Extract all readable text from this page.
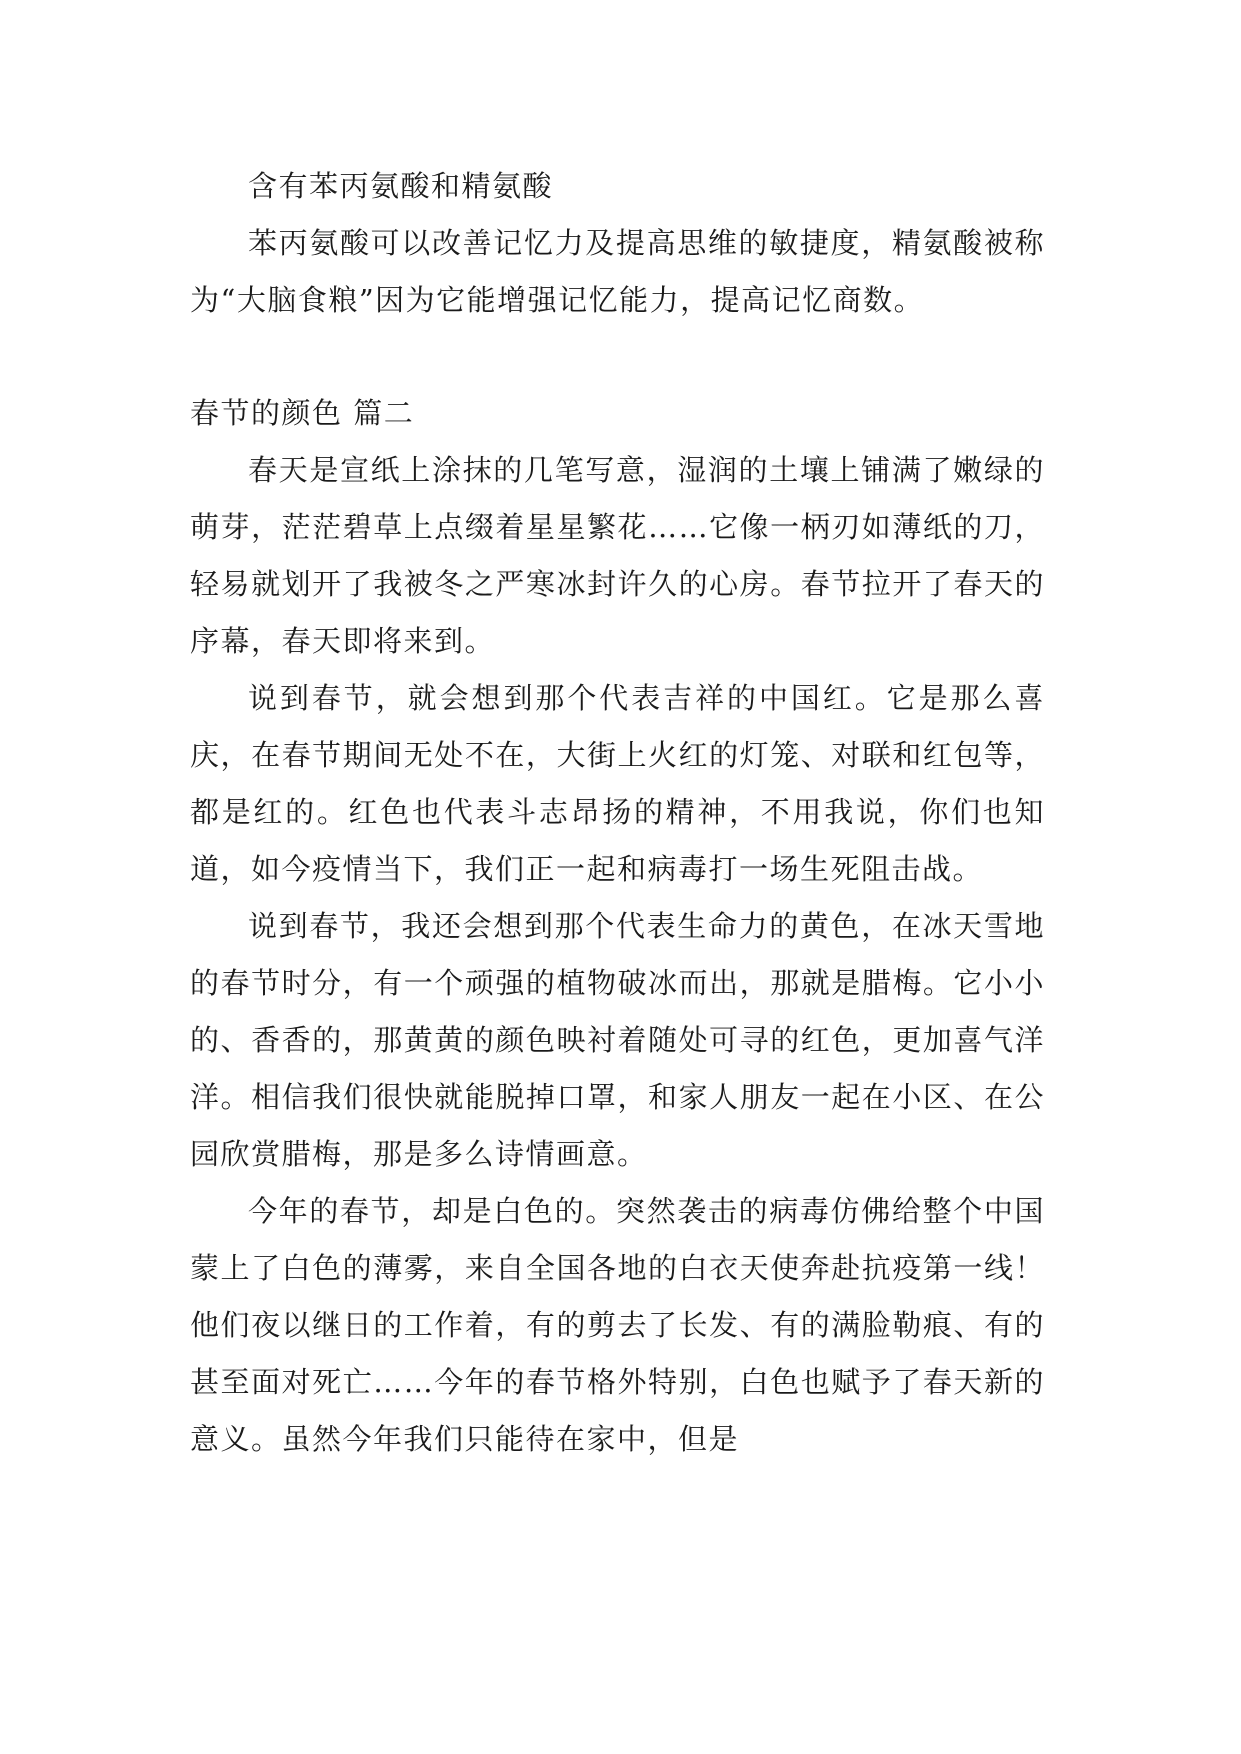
含有苯丙氨酸和精氨酸

苯丙氨酸可以改善记忆力及提高思维的敏捷度，精氨酸被称为“大脑食粮”因为它能增强记忆能力，提高记忆商数。

春节的颜色 篇二

春天是宣纸上涂抹的几笔写意，湿润的土壤上铺满了嫩绿的萌芽，茫茫碧草上点缀着星星繁花……它像一柄刃如薄纸的刀，轻易就划开了我被冬之严寒冰封许久的心房。春节拉开了春天的序幕，春天即将来到。

说到春节，就会想到那个代表吉祥的中国红。它是那么喜庆，在春节期间无处不在，大街上火红的灯笼、对联和红包等，都是红的。红色也代表斗志昂扬的精神，不用我说，你们也知道，如今疫情当下，我们正一起和病毒打一场生死阻击战。

说到春节，我还会想到那个代表生命力的黄色，在冰天雪地的春节时分，有一个顽强的植物破冰而出，那就是腊梅。它小小的、香香的，那黄黄的颜色映衬着随处可寻的红色，更加喜气洋洋。相信我们很快就能脱掉口罩，和家人朋友一起在小区、在公园欣赏腊梅，那是多么诗情画意。

今年的春节，却是白色的。突然袭击的病毒仿佛给整个中国蒙上了白色的薄雾，来自全国各地的白衣天使奔赴抗疫第一线！他们夜以继日的工作着，有的剪去了长发、有的满脸勒痕、有的甚至面对死亡……今年的春节格外特别，白色也赋予了春天新的意义。虽然今年我们只能待在家中，但是
